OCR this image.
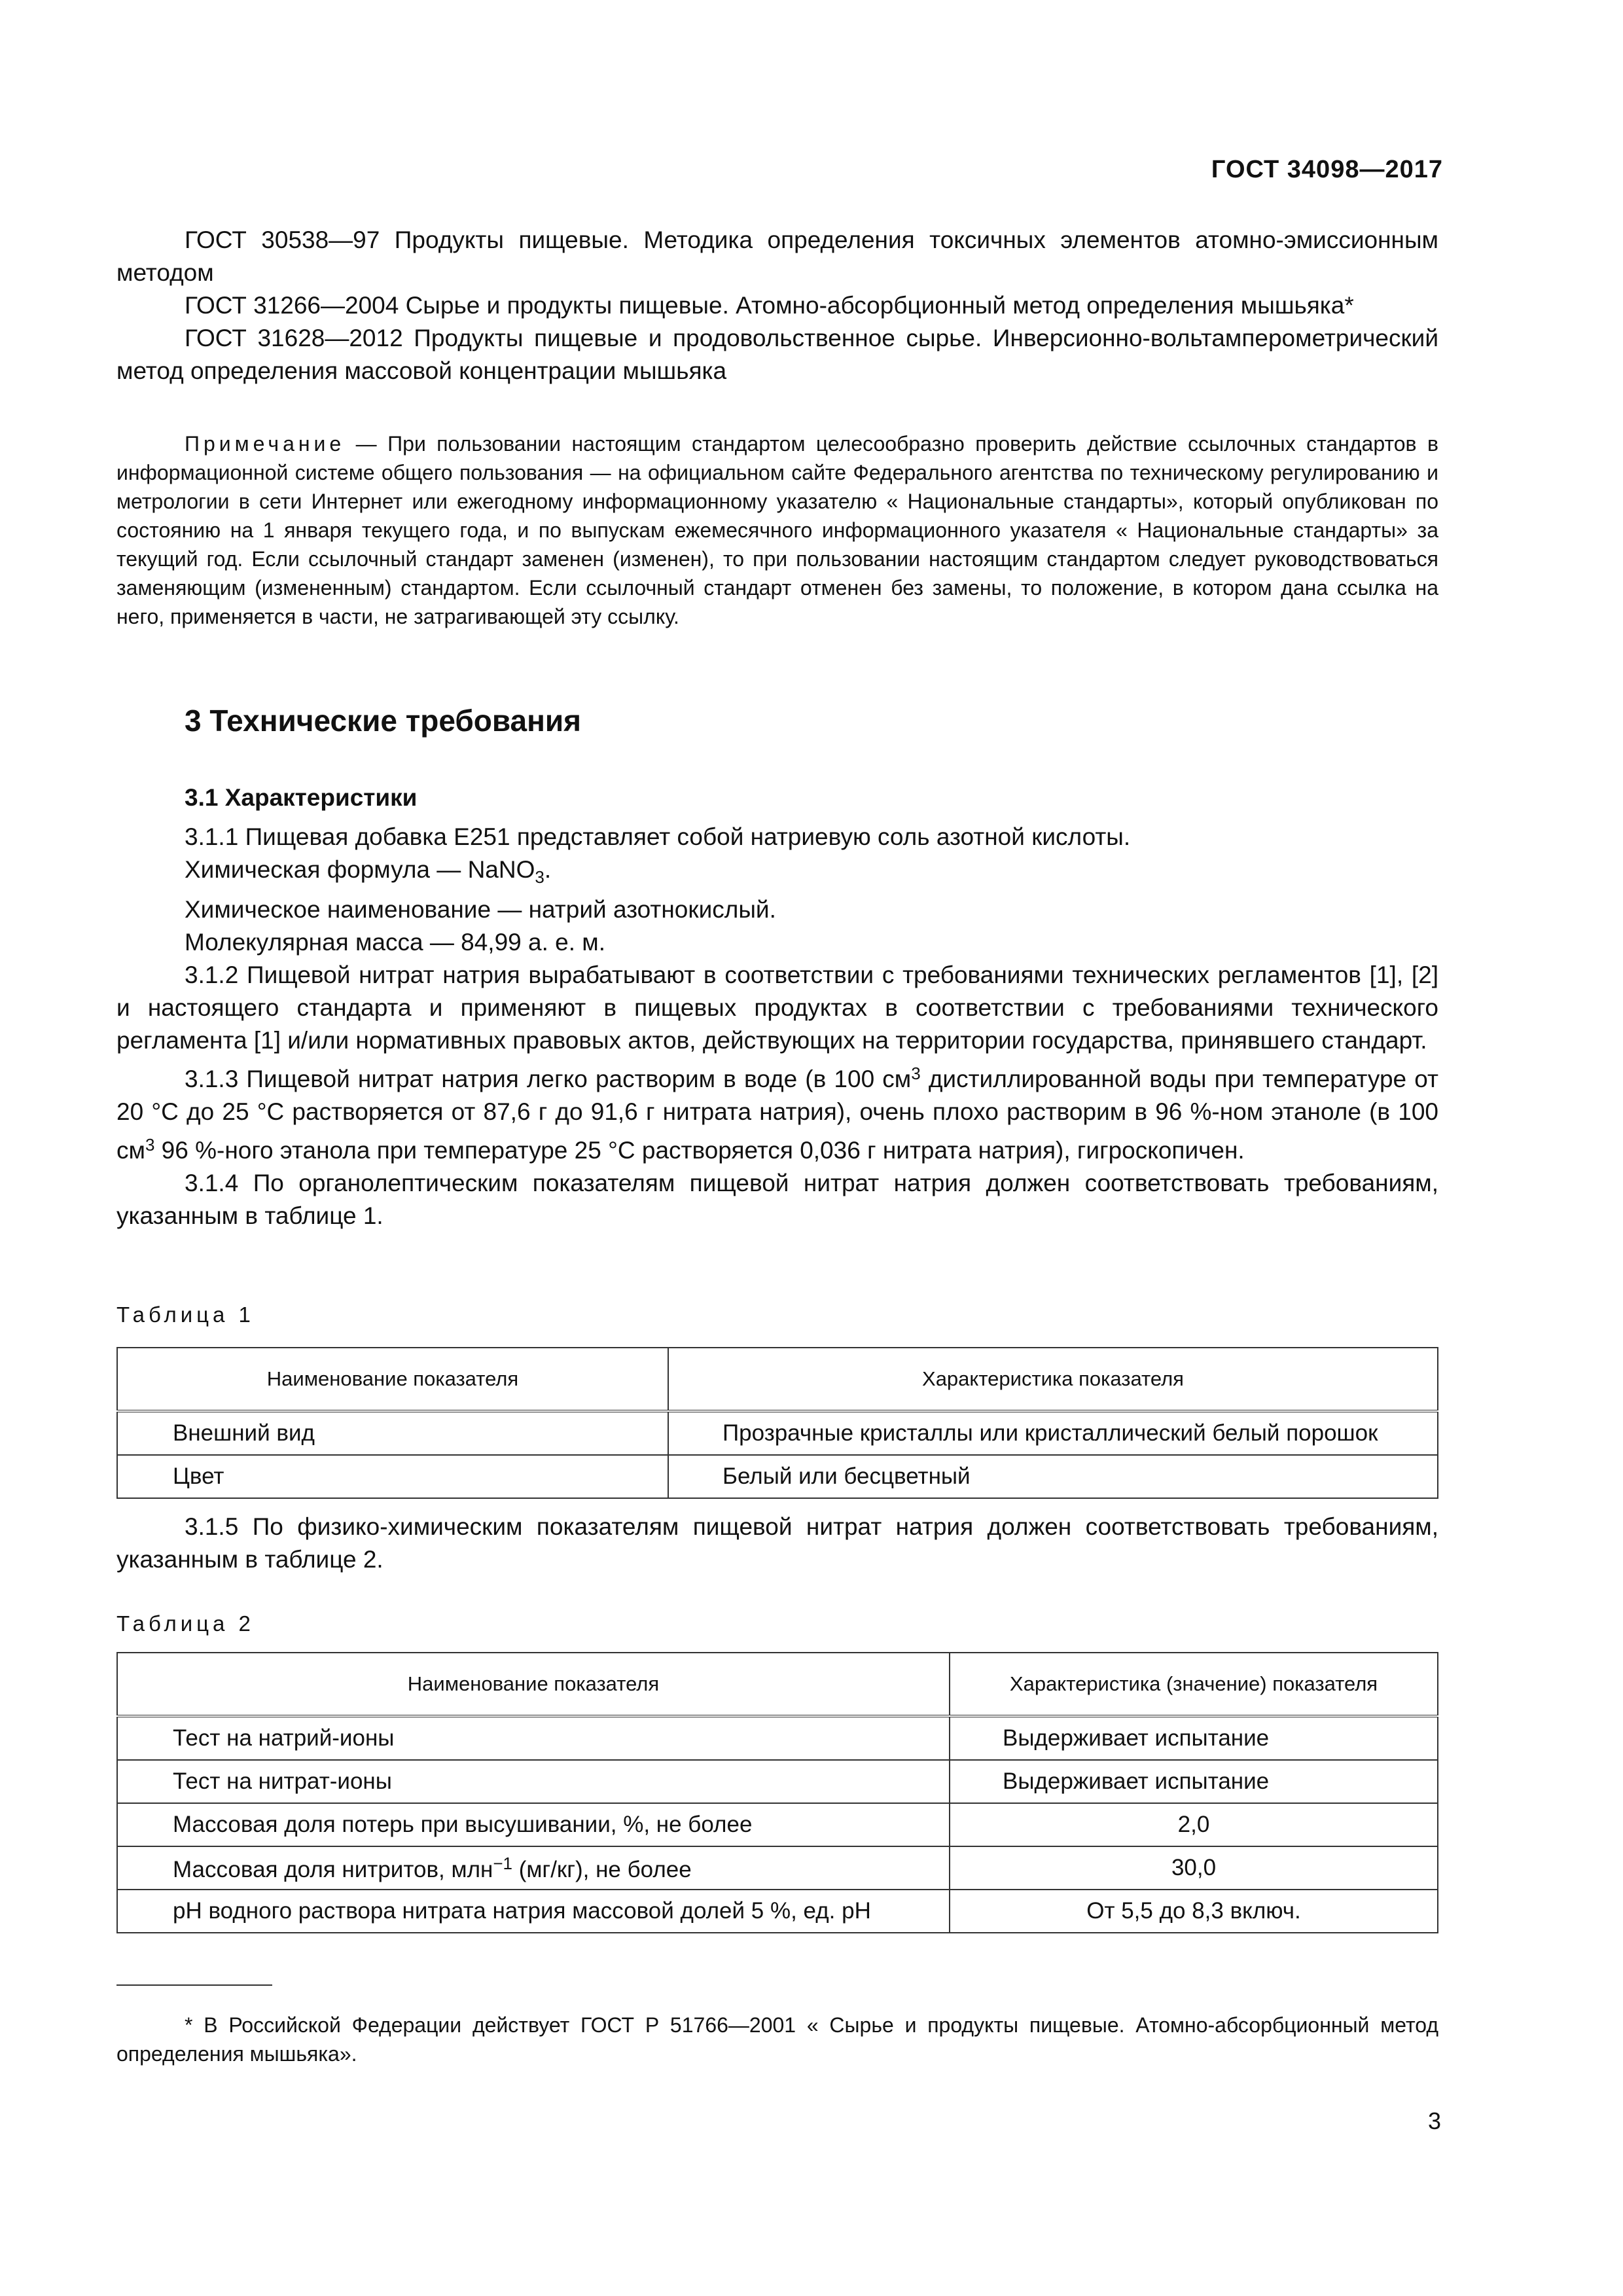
ГОСТ 34098—2017

ГОСТ 30538—97 Продукты пищевые. Методика определения токсичных элементов атомно-эмиссионным методом

ГОСТ 31266—2004 Сырье и продукты пищевые. Атомно-абсорбционный метод определения мышьяка*

ГОСТ 31628—2012 Продукты пищевые и продовольственное сырье. Инверсионно-вольтамперометрический метод определения массовой концентрации мышьяка

Примечание — При пользовании настоящим стандартом целесообразно проверить действие ссылочных стандартов в информационной системе общего пользования — на официальном сайте Федерального агентства по техническому регулированию и метрологии в сети Интернет или ежегодному информационному указателю « Национальные стандарты», который опубликован по состоянию на 1 января текущего года, и по выпускам ежемесячного информационного указателя « Национальные стандарты» за текущий год. Если ссылочный стандарт заменен (изменен), то при пользовании настоящим стандартом следует руководствоваться заменяющим (измененным) стандартом. Если ссылочный стандарт отменен без замены, то положение, в котором дана ссылка на него, применяется в части, не затрагивающей эту ссылку.

3 Технические требования
3.1 Характеристики

3.1.1 Пищевая добавка Е251 представляет собой натриевую соль азотной кислоты.

Химическая формула — NaNO$_3$.

Химическое наименование — натрий азотнокислый.

Молекулярная масса — 84,99 а. е. м.

3.1.2 Пищевой нитрат натрия вырабатывают в соответствии с требованиями технических регламентов [1], [2] и настоящего стандарта и применяют в пищевых продуктах в соответствии с требованиями технического регламента [1] и/или нормативных правовых актов, действующих на территории государства, принявшего стандарт.

3.1.3 Пищевой нитрат натрия легко растворим в воде (в 100 $см^3$ дистиллированной воды при температуре от 20 °С до 25 °С растворяется от 87,6 г до 91,6 г нитрата натрия), очень плохо растворим в 96 %-ном этаноле (в 100 $см^3$ 96 %-ного этанола при температуре 25 °С растворяется 0,036 г нитрата натрия), гигроскопичен.

3.1.4 По органолептическим показателям пищевой нитрат натрия должен соответствовать требованиям, указанным в таблице 1.

Таблица 1
Наименование показателя	Характеристика показателя
Внешний вид	Прозрачные кристаллы или кристаллический белый порошок
Цвет	Белый или бесцветный

3.1.5 По физико-химическим показателям пищевой нитрат натрия должен соответствовать требованиям, указанным в таблице 2.

Таблица 2
Наименование показателя	Характеристика (значение) показателя
Тест на натрий-ионы	Выдерживает испытание
Тест на нитрат-ионы	Выдерживает испытание
Массовая доля потерь при высушивании, %, не более	2,0
Массовая доля нитритов, млн$^{-1}$ (мг/кг), не более	30,0
pH водного раствора нитрата натрия массовой долей 5 %, ед. pH	От 5,5 до 8,3 включ.

* В Российской Федерации действует ГОСТ Р 51766—2001 « Сырье и продукты пищевые. Атомно-абсорбционный метод определения мышьяка».

3
